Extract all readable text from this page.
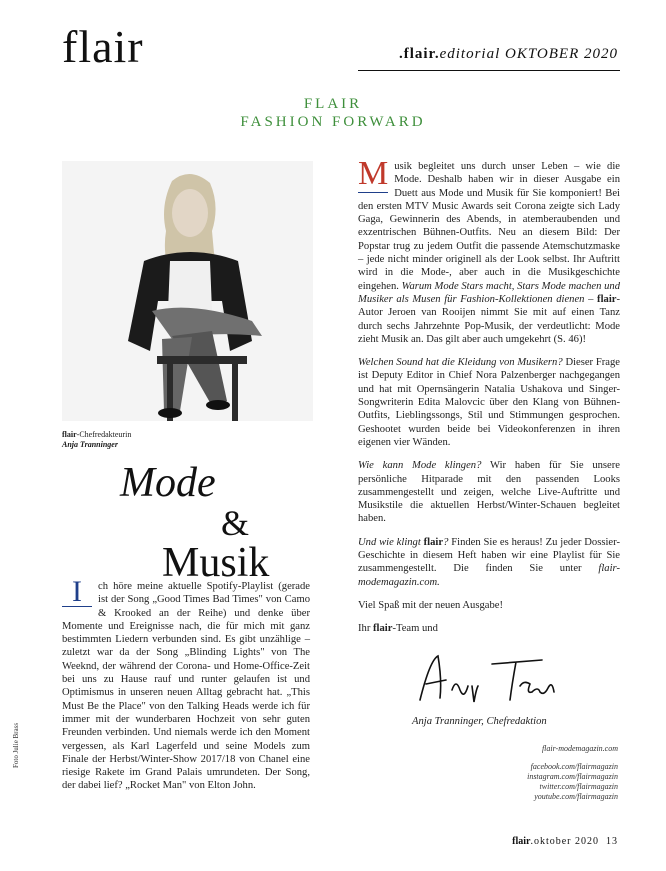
flair	.flair.editorial OKTOBER 2020
FLAIR
FASHION FORWARD
flair-Chefredakteurin
Anja Tranninger
Mode
&
Musik

I	ch höre meine aktuelle Spotify-Playlist (gerade ist der Song „Good Times Bad Times" von Camo & Krooked an der Reihe) und denke über Momente und Ereignisse nach, die für mich mit ganz bestimmten Liedern verbunden sind. Es gibt unzählige – zuletzt war da der Song „Blinding Lights" von The Weeknd, der während der Corona- und Home-Office-Zeit bei uns zu Hause rauf und runter gelaufen ist und Optimismus in unseren neuen Alltag gebracht hat. „This Must Be the Place" von den Talking Heads werde ich für immer mit der wunderbaren Hochzeit von sehr guten Freunden verbinden. Und niemals werde ich den Moment vergessen, als Karl Lagerfeld und seine Models zum Finale der Herbst/Winter-Show 2017/18 von Chanel eine riesige Rakete im Grand Palais umrundeten. Der Song, der dabei lief? „Rocket Man" von Elton John.

M usik begleitet uns durch unser Leben – wie die Mode. Deshalb haben wir in dieser Ausgabe ein Duett aus Mode und Musik für Sie komponiert! Bei den ersten MTV Music Awards seit Corona zeigte sich Lady Gaga, Gewinnerin des Abends, in atemberaubenden und exzentrischen Bühnen-Outfits. Neu an diesem Bild: Der Popstar trug zu jedem Outfit die passende Atemschutzmaske – jede nicht minder originell als der Look selbst. Ihr Auftritt wird in die Mode-, aber auch in die Musikgeschichte eingehen. Warum Mode Stars macht, Stars Mode machen und Musiker als Musen für Fashion-Kollektionen dienen – flair-Autor Jeroen van Rooijen nimmt Sie mit auf einen Tanz durch sechs Jahrzehnte Pop-Musik, der verdeutlicht: Mode zieht Musik an. Das gilt aber auch umgekehrt (S. 46)!

Welchen Sound hat die Kleidung von Musikern? Dieser Frage ist Deputy Editor in Chief Nora Palzenberger nachgegangen und hat mit Opernsängerin Natalia Ushakova und Singer-Songwriterin Edita Malovcic über den Klang von Bühnen-Outfits, Lieblingssongs, Stil und Stimmungen gesprochen. Geshootet wurden beide bei Videokonferenzen in ihren eigenen vier Wänden.

Wie kann Mode klingen? Wir haben für Sie unsere persönliche Hitparade mit den passenden Looks zusammengestellt und zeigen, welche Live-Auftritte und Musikstile die aktuellen Herbst/Winter-Schauen begleitet haben.

Und wie klingt flair? Finden Sie es heraus! Zu jeder Dossier-Geschichte in diesem Heft haben wir eine Playlist für Sie zusammengestellt. Die finden Sie unter flair-modemagazin.com.

Viel Spaß mit der neuen Ausgabe!

Ihr flair-Team und

Anja Tranninger, Chefredaktion
Foto Julie Brass	flair-modemagazin.com
facebook.com/flairmagazin
instagram.com/flairmagazin
twitter.com/flairmagazin
youtube.com/flairmagazin
flair.oktober 2020 13
